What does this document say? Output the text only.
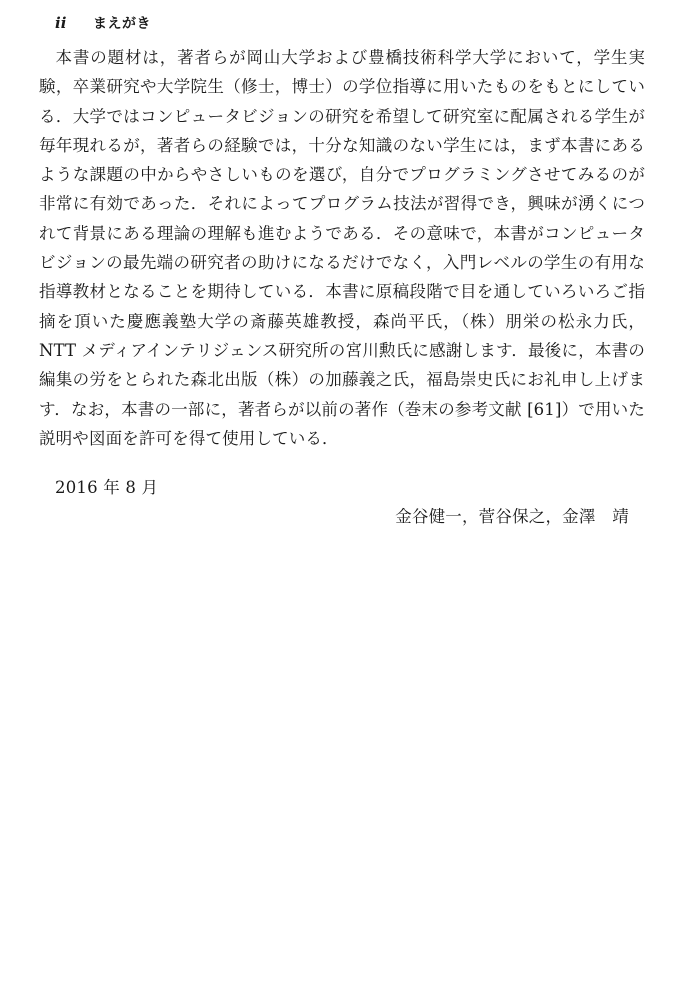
ii	まえがき

本書の題材は，著者らが岡山大学および豊橋技術科学大学において，学生実験，卒業研究や大学院生（修士，博士）の学位指導に用いたものをもとにしている．大学ではコンピュータビジョンの研究を希望して研究室に配属される学生が毎年現れるが，著者らの経験では，十分な知識のない学生には，まず本書にあるような課題の中からやさしいものを選び，自分でプログラミングさせてみるのが非常に有効であった．それによってプログラム技法が習得でき，興味が湧くにつれて背景にある理論の理解も進むようである．その意味で，本書がコンピュータビジョンの最先端の研究者の助けになるだけでなく，入門レベルの学生の有用な指導教材となることを期待している．本書に原稿段階で目を通していろいろご指摘を頂いた慶應義塾大学の斎藤英雄教授，森尚平氏，（株）朋栄の松永力氏，NTT メディアインテリジェンス研究所の宮川勲氏に感謝します．最後に，本書の編集の労をとられた森北出版（株）の加藤義之氏，福島崇史氏にお礼申し上げます．なお，本書の一部に，著者らが以前の著作（巻末の参考文献 [61]）で用いた説明や図面を許可を得て使用している．

2016 年 8 月
金谷健一，菅谷保之，金澤　靖
